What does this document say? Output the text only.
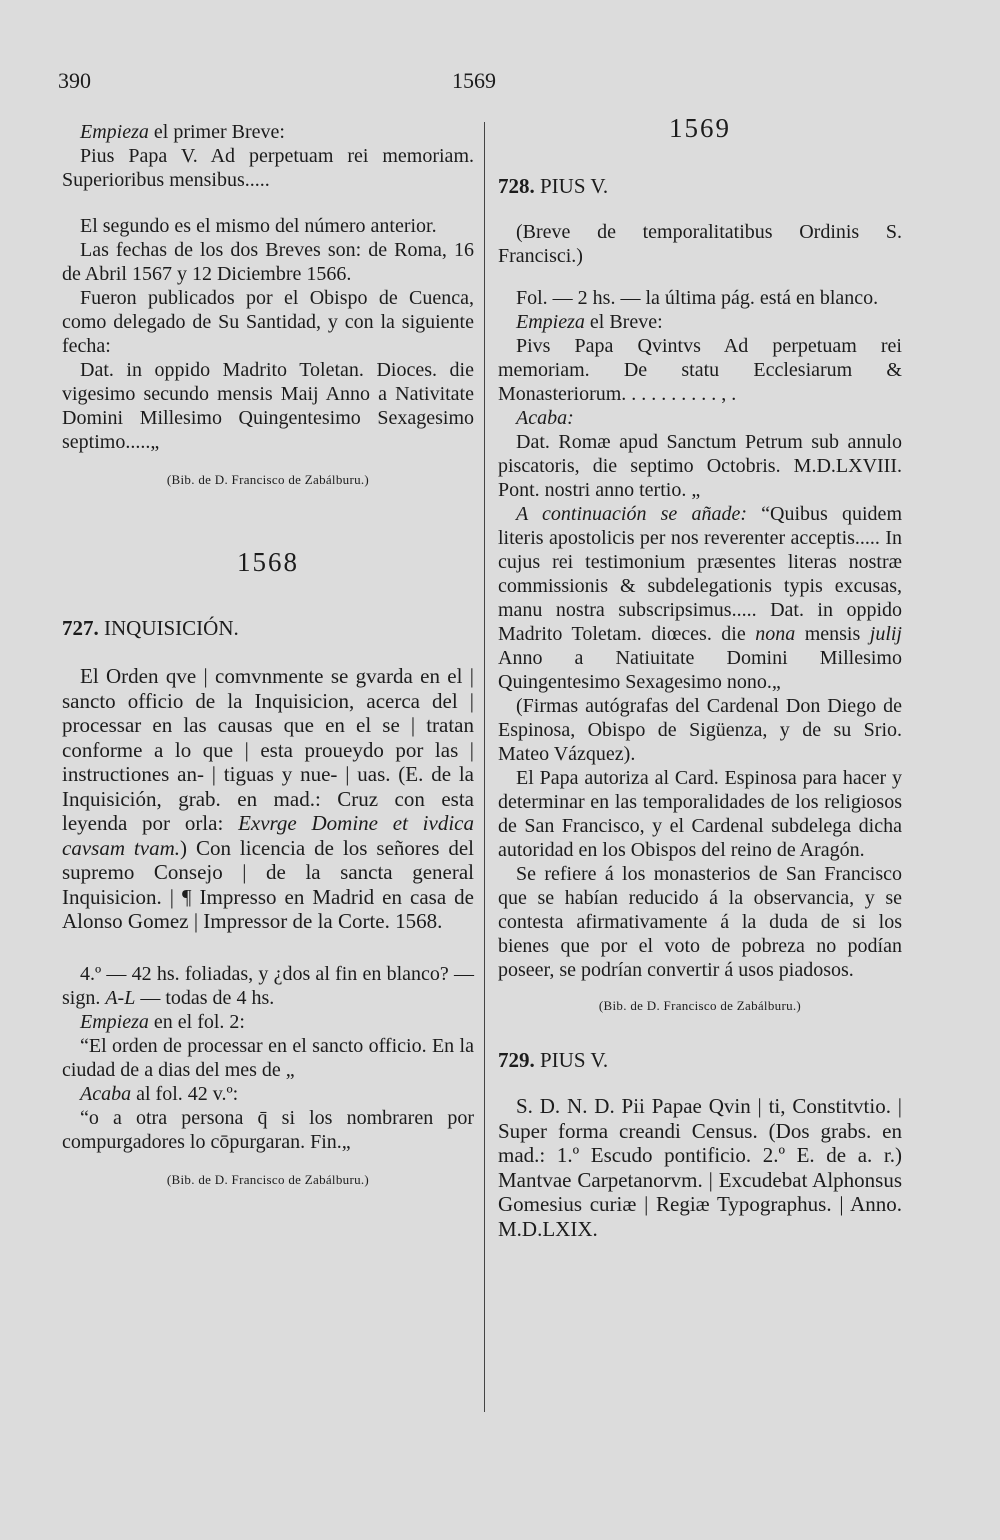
390	1569

Empieza el primer Breve:

Pius Papa V. Ad perpetuam rei memoriam. Superioribus mensibus.....

El segundo es el mismo del número anterior.

Las fechas de los dos Breves son: de Roma, 16 de Abril 1567 y 12 Diciembre 1566.

Fueron publicados por el Obispo de Cuenca, como delegado de Su Santidad, y con la siguiente fecha:

Dat. in oppido Madrito Toletan. Dioces. die vigesimo secundo mensis Maij Anno a Nativitate Domini Millesimo Quingentesimo Sexagesimo septimo.....„

(Bib. de D. Francisco de Zabálburu.)

1568

727. INQUISICIÓN.

El Orden qve | comvnmente se gvarda en el | sancto officio de la Inquisicion, acerca del | processar en las causas que en el se | tratan conforme a lo que | esta proueydo por las | instructiones an- | tiguas y nue- | uas. (E. de la Inquisición, grab. en mad.: Cruz con esta leyenda por orla: Exvrge Domine et ivdica cavsam tvam.) Con licencia de los señores del supremo Consejo | de la sancta general Inquisicion. | ¶ Impresso en Madrid en casa de Alonso Gomez | Impressor de la Corte. 1568.

4.º — 42 hs. foliadas, y ¿dos al fin en blanco? — sign. A-L — todas de 4 hs.

Empieza en el fol. 2:

“El orden de processar en el sancto officio. En la ciudad de a dias del mes de „

Acaba al fol. 42 v.º:

“o a otra persona q̄ si los nombraren por compurgadores lo cōpurgaran. Fin.„

(Bib. de D. Francisco de Zabálburu.)

1569

728. PIUS V.

(Breve de temporalitatibus Ordinis S. Francisci.)

Fol. — 2 hs. — la última pág. está en blanco.

Empieza el Breve:

Pivs Papa Qvintvs Ad perpetuam rei memoriam. De statu Ecclesiarum & Monasteriorum. . . . . . . . . . , .

Acaba:

Dat. Romæ apud Sanctum Petrum sub annulo piscatoris, die septimo Octobris. M.D.LXVIII. Pont. nostri anno tertio. „

A continuación se añade: “Quibus quidem literis apostolicis per nos reverenter acceptis..... In cujus rei testimonium præsentes literas nostræ commissionis & subdelegationis typis excusas, manu nostra subscripsimus..... Dat. in oppido Madrito Toletam. diœces. die nona mensis julij Anno a Natiuitate Domini Millesimo Quingentesimo Sexagesimo nono.„

(Firmas autógrafas del Cardenal Don Diego de Espinosa, Obispo de Sigüenza, y de su Srio. Mateo Vázquez).

El Papa autoriza al Card. Espinosa para hacer y determinar en las temporalidades de los religiosos de San Francisco, y el Cardenal subdelega dicha autoridad en los Obispos del reino de Aragón.

Se refiere á los monasterios de San Francisco que se habían reducido á la observancia, y se contesta afirmativamente á la duda de si los bienes que por el voto de pobreza no podían poseer, se podrían convertir á usos piadosos.

(Bib. de D. Francisco de Zabálburu.)

729. PIUS V.

S. D. N. D. Pii Papae Qvin | ti, Constitvtio. | Super forma creandi Census. (Dos grabs. en mad.: 1.º Escudo pontificio. 2.º E. de a. r.) Mantvae Carpetanorvm. | Excudebat Alphonsus Gomesius curiæ | Regiæ Typographus. | Anno. M.D.LXIX.
